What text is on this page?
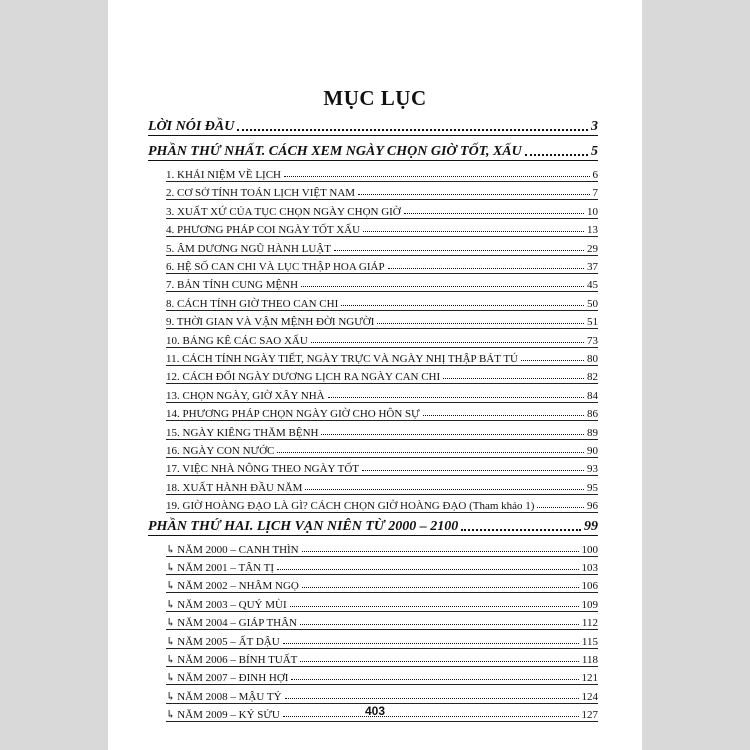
MỤC LỤC
LỜI NÓI ĐẦU	3
PHẦN THỨ NHẤT. CÁCH XEM NGÀY CHỌN GIỜ TỐT, XẤU	5
1. KHÁI NIỆM VỀ LỊCH	6
2. CƠ SỞ TÍNH TOÁN LỊCH VIỆT NAM	7
3. XUẤT XỨ CỦA TỤC CHỌN NGÀY CHỌN GIỜ	10
4. PHƯƠNG PHÁP COI NGÀY TỐT XẤU	13
5. ÂM DƯƠNG NGŨ HÀNH LUẬT	29
6. HỆ SỐ CAN CHI VÀ LỤC THẬP HOA GIÁP	37
7. BẢN TÍNH CUNG MỆNH	45
8. CÁCH TÍNH GIỜ THEO CAN CHI	50
9. THỜI GIAN VÀ VẬN MỆNH ĐỜI NGƯỜI	51
10. BẢNG KÊ CÁC SAO XẤU	73
11. CÁCH TÍNH NGÀY TIẾT, NGÀY TRỰC VÀ NGÀY NHỊ THẬP BÁT TÚ	80
12. CÁCH ĐỔI NGÀY DƯƠNG LỊCH RA NGÀY CAN CHI	82
13. CHỌN NGÀY, GIỜ XÂY NHÀ	84
14. PHƯƠNG PHÁP CHỌN NGÀY GIỜ CHO HÔN SỰ	86
15. NGÀY KIÊNG THĂM BỆNH	89
16. NGÀY CON NƯỚC	90
17. VIỆC NHÀ NÔNG THEO NGÀY TỐT	93
18. XUẤT HÀNH ĐẦU NĂM	95
19. GIỜ HOÀNG ĐẠO LÀ GÌ? CÁCH CHỌN GIỜ HOÀNG ĐẠO (Tham khảo 1)	96
PHẦN THỨ HAI. LỊCH VẠN NIÊN TỪ 2000 – 2100	99
↳ NĂM 2000 – CANH THÌN	100
↳ NĂM 2001 – TÂN TỊ	103
↳ NĂM 2002 – NHÂM NGỌ	106
↳ NĂM 2003 – QUÝ MÙI	109
↳ NĂM 2004 – GIÁP THÂN	112
↳ NĂM 2005 – ẤT DẬU	115
↳ NĂM 2006 – BÍNH TUẤT	118
↳ NĂM 2007 – ĐINH HỢI	121
↳ NĂM 2008 – MẬU TÝ	124
↳ NĂM 2009 – KỶ SỬU	127
403
